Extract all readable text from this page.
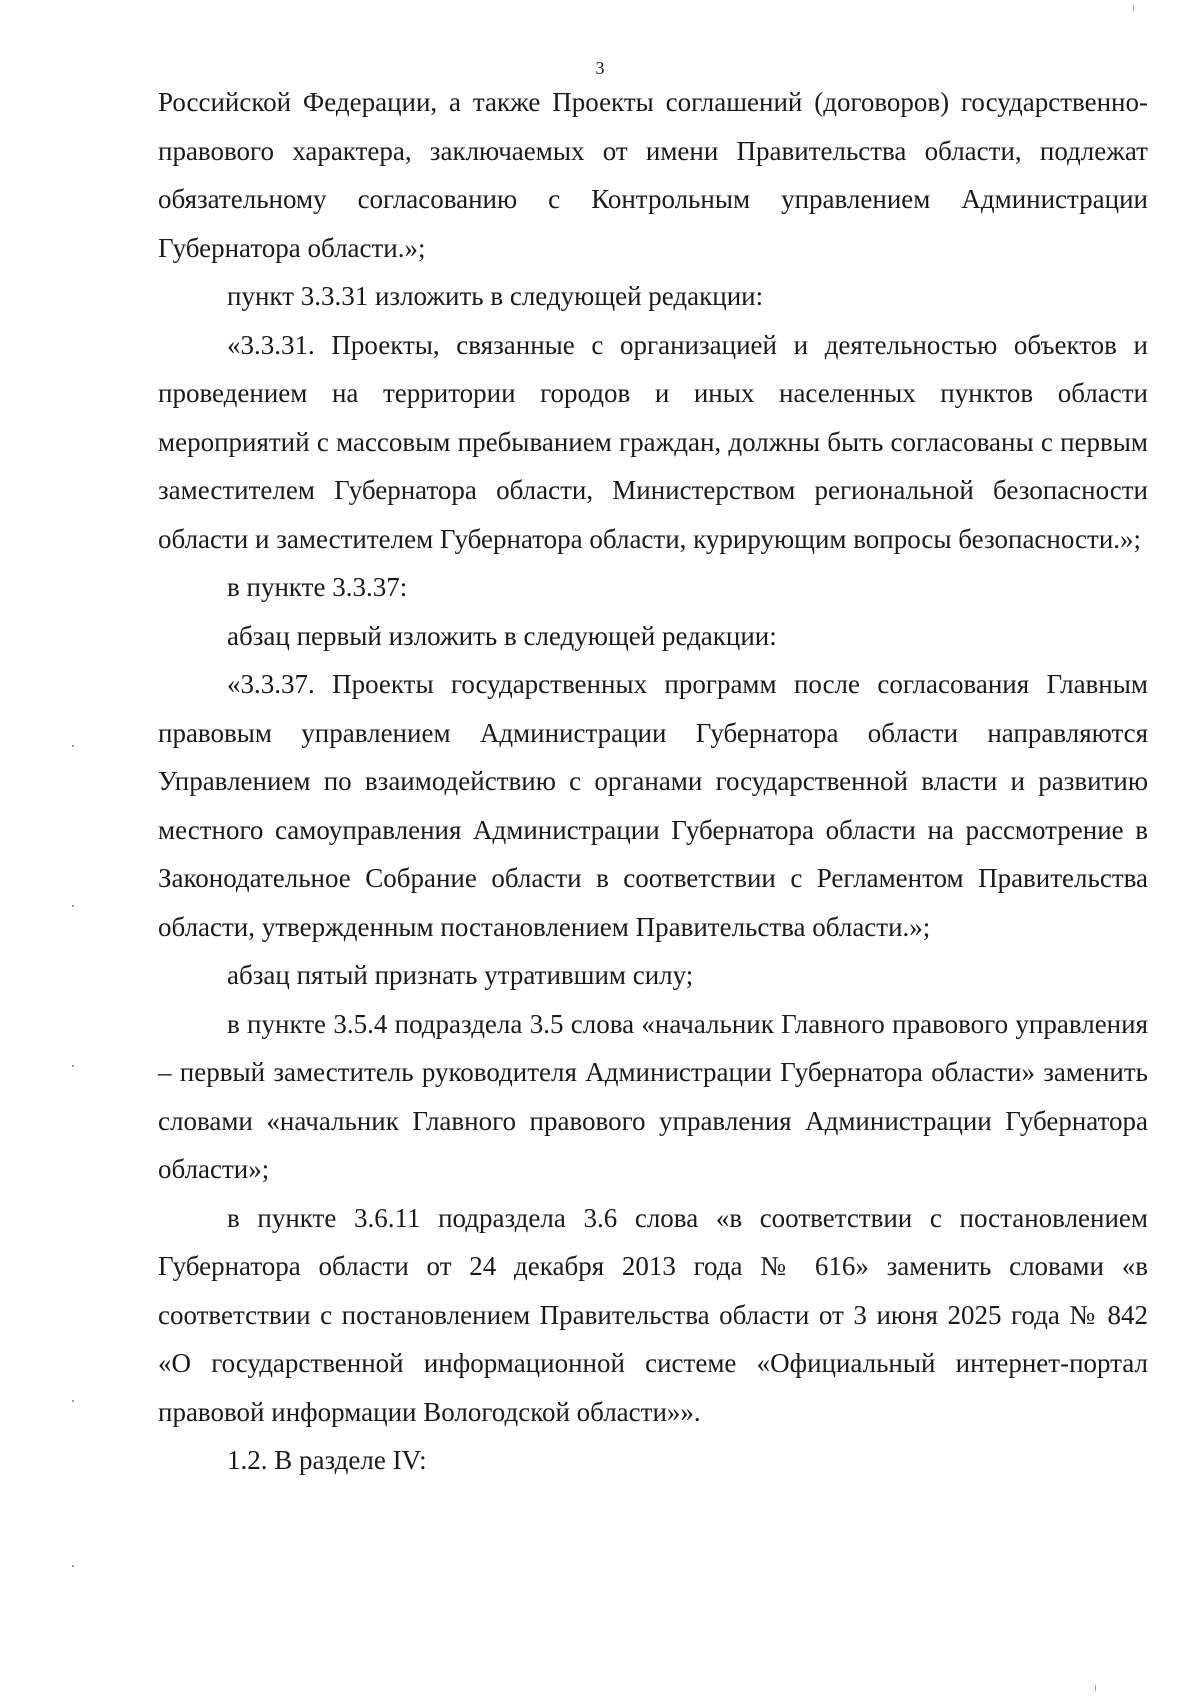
3

Российской Федерации, а также Проекты соглашений (договоров) государственно-правового характера, заключаемых от имени Правительства области, подлежат обязательному согласованию с Контрольным управлением Администрации Губернатора области.»;

пункт 3.3.31 изложить в следующей редакции:

«3.3.31. Проекты, связанные с организацией и деятельностью объектов и проведением на территории городов и иных населенных пунктов области мероприятий с массовым пребыванием граждан, должны быть согласованы с первым заместителем Губернатора области, Министерством региональной безопасности области и заместителем Губернатора области, курирующим вопросы безопасности.»;

в пункте 3.3.37:

абзац первый изложить в следующей редакции:

«3.3.37. Проекты государственных программ после согласования Главным правовым управлением Администрации Губернатора области направляются Управлением по взаимодействию с органами государственной власти и развитию местного самоуправления Администрации Губернатора области на рассмотрение в Законодательное Собрание области в соответствии с Регламентом Правительства области, утвержденным постановлением Правительства области.»;

абзац пятый признать утратившим силу;

в пункте 3.5.4 подраздела 3.5 слова «начальник Главного правового управления – первый заместитель руководителя Администрации Губернатора области» заменить словами «начальник Главного правового управления Администрации Губернатора области»;

в пункте 3.6.11 подраздела 3.6 слова «в соответствии с постановлением Губернатора области от 24 декабря 2013 года № 616» заменить словами «в соответствии с постановлением Правительства области от 3 июня 2025 года № 842 «О государственной информационной системе «Официальный интернет-портал правовой информации Вологодской области»».

1.2. В разделе IV:
